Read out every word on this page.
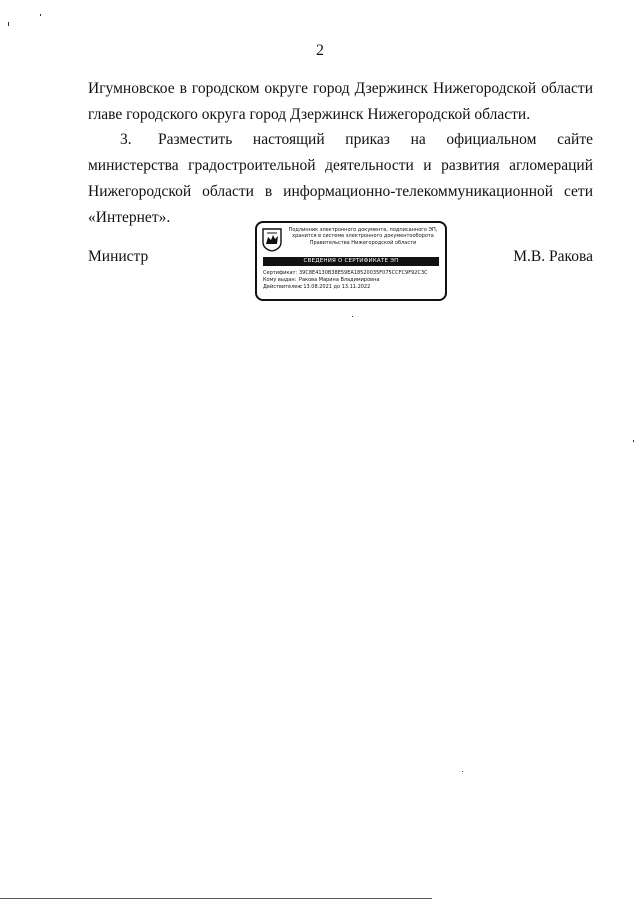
2
Игумновское в городском округе город Дзержинск Нижегородской области главе городского округа город Дзержинск Нижегородской области.
3. Разместить настоящий приказ на официальном сайте министерства градостроительной деятельности и развития агломераций Нижегородской области в информационно-телекоммуникационной сети «Интернет».
Министр	М.В. Ракова
Подлинник электронного документа, подписанного ЭП,
хранится в системе электронного документооборота
Правительства Нижегородской области
СВЕДЕНИЯ О СЕРТИФИКАТЕ ЭП
Сертификат: 39C8E4130B38E59EA18520035F075CCFC9F92C3C
Кому выдан: Ракова Марина Владимировна
Действителен:с 13.08.2021 до 13.11.2022
